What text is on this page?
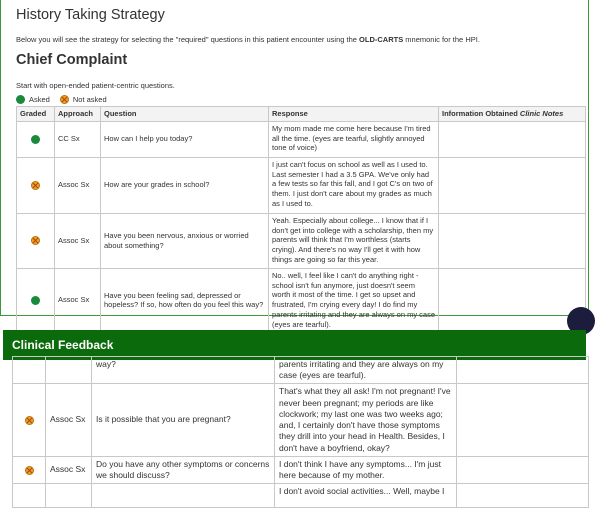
History Taking Strategy

Below you will see the strategy for selecting the "required" questions in this patient encounter using the OLD-CARTS mnemonic for the HPI.

Chief Complaint

Start with open-ended patient-centric questions.

Asked	Not asked
Graded	Approach	Question	Response	Information Obtained Clinic Notes
	CC Sx	How can I help you today?	My mom made me come here because I'm tired all the time. (eyes are tearful, slightly annoyed tone of voice)	
	Assoc Sx	How are your grades in school?	I just can't focus on school as well as I used to. Last semester I had a 3.5 GPA. We've only had a few tests so far this fall, and I got C's on two of them. I just don't care about my grades as much as I used to.	
	Assoc Sx	Have you been nervous, anxious or worried about something?	Yeah. Especially about college... I know that if I don't get into college with a scholarship, then my parents will think that I'm worthless (starts crying). And there's no way I'll get it with how things are going so far this year.	
	Assoc Sx	Have you been feeling sad, depressed or hopeless? If so, how often do you feel this way?	No.. well, I feel like I can't do anything right - school isn't fun anymore, just doesn't seem worth it most of the time. I get so upset and frustrated, I'm crying every day! I do find my parents irritating and they are always on my case (eyes are tearful).	
Clinical Feedback
		way?	parents irritating and they are always on my case (eyes are tearful).	
	Assoc Sx	Is it possible that you are pregnant?	That's what they all ask! I'm not pregnant! I've never been pregnant; my periods are like clockwork; my last one was two weeks ago; and, I certainly don't have those symptoms they drill into your head in Health. Besides, I don't have a boyfriend, okay?	
	Assoc Sx	Do you have any other symptoms or concerns we should discuss?	I don't think I have any symptoms... I'm just here because of my mother.	
			I don't avoid social activities... Well, maybe I	
